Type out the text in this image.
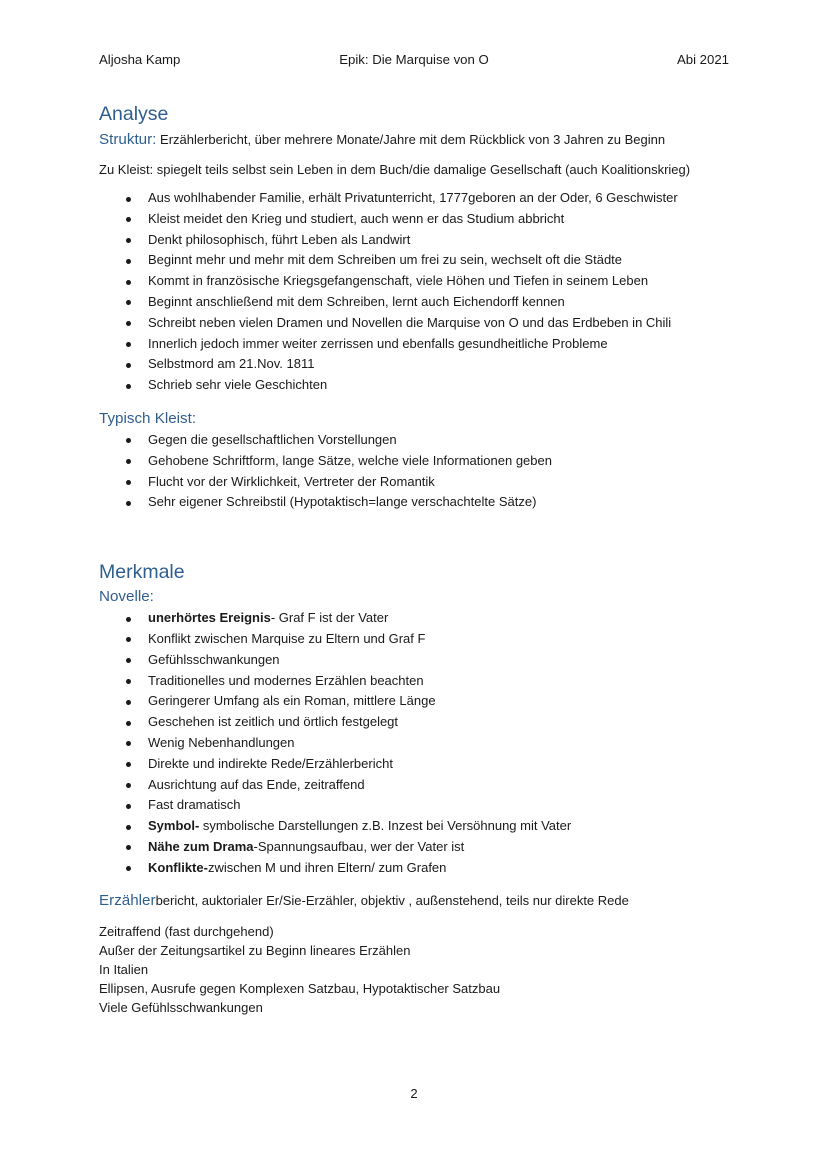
Aljosha Kamp	Epik: Die Marquise von O	Abi 2021
Analyse
Struktur: Erzählerbericht, über mehrere Monate/Jahre mit dem Rückblick von 3 Jahren zu Beginn
Zu Kleist: spiegelt teils selbst sein Leben in dem Buch/die damalige Gesellschaft (auch Koalitionskrieg)
Aus wohlhabender Familie, erhält Privatunterricht, 1777geboren an der Oder, 6 Geschwister
Kleist meidet den Krieg und studiert, auch wenn er das Studium abbricht
Denkt philosophisch, führt Leben als Landwirt
Beginnt mehr und mehr mit dem Schreiben um frei zu sein, wechselt oft die Städte
Kommt in französische Kriegsgefangenschaft, viele Höhen und Tiefen in seinem Leben
Beginnt anschließend mit dem Schreiben, lernt auch Eichendorff kennen
Schreibt neben vielen Dramen und Novellen die Marquise von O und das Erdbeben in Chili
Innerlich jedoch immer weiter zerrissen und ebenfalls gesundheitliche Probleme
Selbstmord am 21.Nov. 1811
Schrieb sehr viele Geschichten
Typisch Kleist:
Gegen die gesellschaftlichen Vorstellungen
Gehobene Schriftform, lange Sätze, welche viele Informationen geben
Flucht vor der Wirklichkeit, Vertreter der Romantik
Sehr eigener Schreibstil (Hypotaktisch=lange verschachtelte Sätze)
Merkmale
Novelle:
unerhörtes Ereignis- Graf F ist der Vater
Konflikt zwischen Marquise zu Eltern und Graf F
Gefühlsschwankungen
Traditionelles und modernes Erzählen beachten
Geringerer Umfang als ein Roman, mittlere Länge
Geschehen ist zeitlich und örtlich festgelegt
Wenig Nebenhandlungen
Direkte und indirekte Rede/Erzählerbericht
Ausrichtung auf das Ende, zeitraffend
Fast dramatisch
Symbol- symbolische Darstellungen z.B. Inzest bei Versöhnung mit Vater
Nähe zum Drama-Spannungsaufbau, wer der Vater ist
Konflikte-zwischen M und ihren Eltern/ zum Grafen
Erzählerbericht, auktorialer Er/Sie-Erzähler, objektiv , außenstehend, teils nur direkte Rede
Zeitraffend (fast durchgehend)
Außer der Zeitungsartikel zu Beginn lineares Erzählen
In Italien
Ellipsen, Ausrufe gegen Komplexen Satzbau, Hypotaktischer Satzbau
Viele Gefühlsschwankungen
2
